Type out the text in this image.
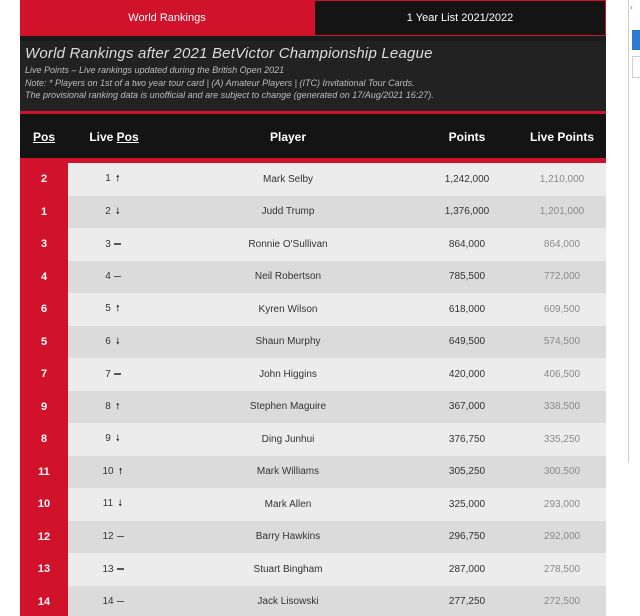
World Rankings	1 Year List 2021/2022
World Rankings after 2021 BetVictor Championship League
Live Points – Live rankings updated during the British Open 2021
Note: * Players on 1st of a two year tour card | (A) Amateur Players | (ITC) Invitational Tour Cards.
The provisional ranking data is unofficial and are subject to change (generated on 17/Aug/2021 16:27).
Pos	Live Pos	Player	Points	Live Points
2	1 🠕	Mark Selby	1,242,000	1,210,000
1	2 🠗	Judd Trump	1,376,000	1,201,000
3	3	Ronnie O'Sullivan	864,000	864,000
4	4	Neil Robertson	785,500	772,000
6	5 🠕	Kyren Wilson	618,000	609,500
5	6 🠗	Shaun Murphy	649,500	574,500
7	7	John Higgins	420,000	406,500
9	8 🠕	Stephen Maguire	367,000	338,500
8	9 🠗	Ding Junhui	376,750	335,250
11	10 🠕	Mark Williams	305,250	300,500
10	11 🠗	Mark Allen	325,000	293,000
12	12	Barry Hawkins	296,750	292,000
13	13	Stuart Bingham	287,000	278,500
14	14	Jack Lisowski	277,250	272,500
‹
